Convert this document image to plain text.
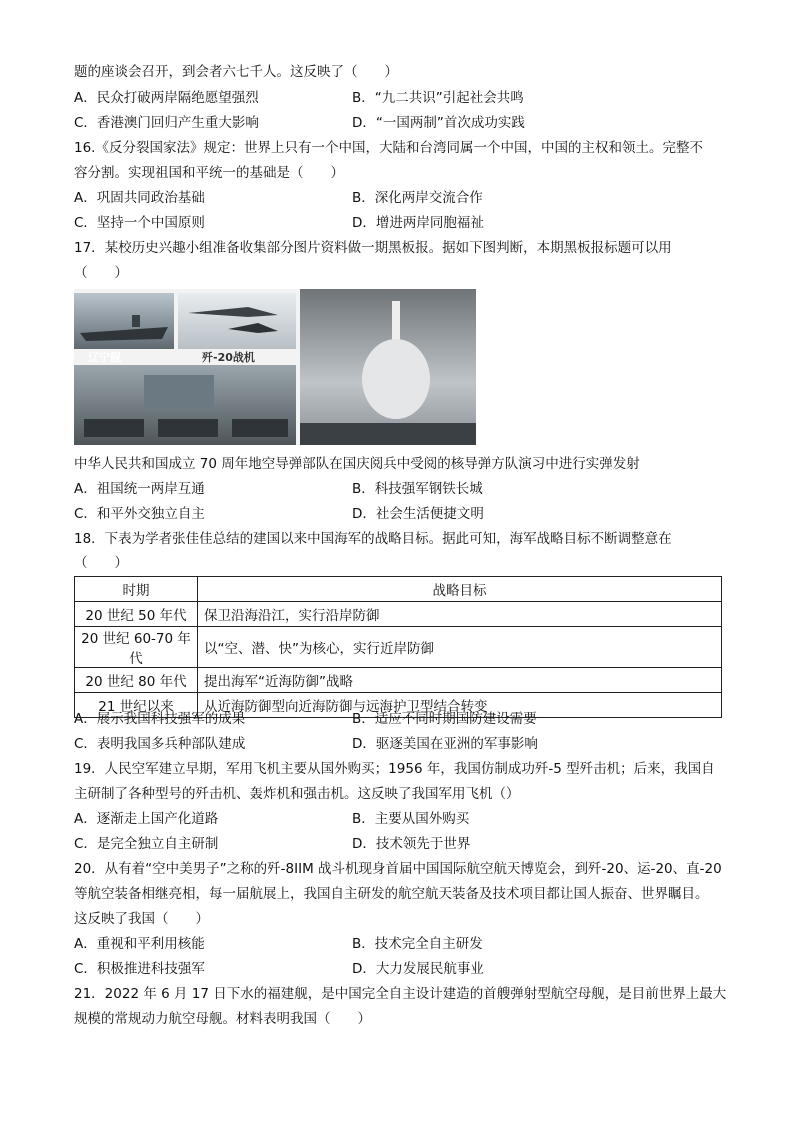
题的座谈会召开，到会者六七千人。这反映了（　　）
A．民众打破两岸隔绝愿望强烈	B．“九二共识”引起社会共鸣
C．香港澳门回归产生重大影响	D．“一国两制”首次成功实践
16.《反分裂国家法》规定：世界上只有一个中国，大陆和台湾同属一个中国，中国的主权和领土。完整不
容分割。实现祖国和平统一的基础是（　　）
A．巩固共同政治基础	B．深化两岸交流合作
C．坚持一个中国原则	D．增进两岸同胞福祉
17．某校历史兴趣小组准备收集部分图片资料做一期黑板报。据如下图判断，本期黑板报标题可以用
（　　）
辽宁舰	歼-20战机
中华人民共和国成立 70 周年地空导弹部队在国庆阅兵中受阅的核导弹方队演习中进行实弹发射
A．祖国统一两岸互通	B．科技强军钢铁长城
C．和平外交独立自主	D．社会生活便捷文明
18．下表为学者张佳佳总结的建国以来中国海军的战略目标。据此可知，海军战略目标不断调整意在
（　　）
时期	战略目标
20 世纪 50 年代	保卫沿海沿江，实行沿岸防御
20 世纪 60-70 年代	以“空、潜、快”为核心，实行近岸防御
20 世纪 80 年代	提出海军“近海防御”战略
21 世纪以来	从近海防御型向近海防御与远海护卫型结合转变
A．展示我国科技强军的成果	B．适应不同时期国防建设需要
C．表明我国多兵种部队建成	D．驱逐美国在亚洲的军事影响
19．人民空军建立早期，军用飞机主要从国外购买；1956 年，我国仿制成功歼-5 型歼击机；后来，我国自
主研制了各种型号的歼击机、轰炸机和强击机。这反映了我国军用飞机（）
A．逐渐走上国产化道路	B．主要从国外购买
C．是完全独立自主研制	D．技术领先于世界
20．从有着“空中美男子”之称的歼-8IIM 战斗机现身首届中国国际航空航天博览会，到歼-20、运-20、直-20
等航空装备相继亮相，每一届航展上，我国自主研发的航空航天装备及技术项目都让国人振奋、世界瞩目。
这反映了我国（　　）
A．重视和平利用核能	B．技术完全自主研发
C．积极推进科技强军	D．大力发展民航事业
21．2022 年 6 月 17 日下水的福建舰，是中国完全自主设计建造的首艘弹射型航空母舰，是目前世界上最大
规模的常规动力航空母舰。材料表明我国（　　）
